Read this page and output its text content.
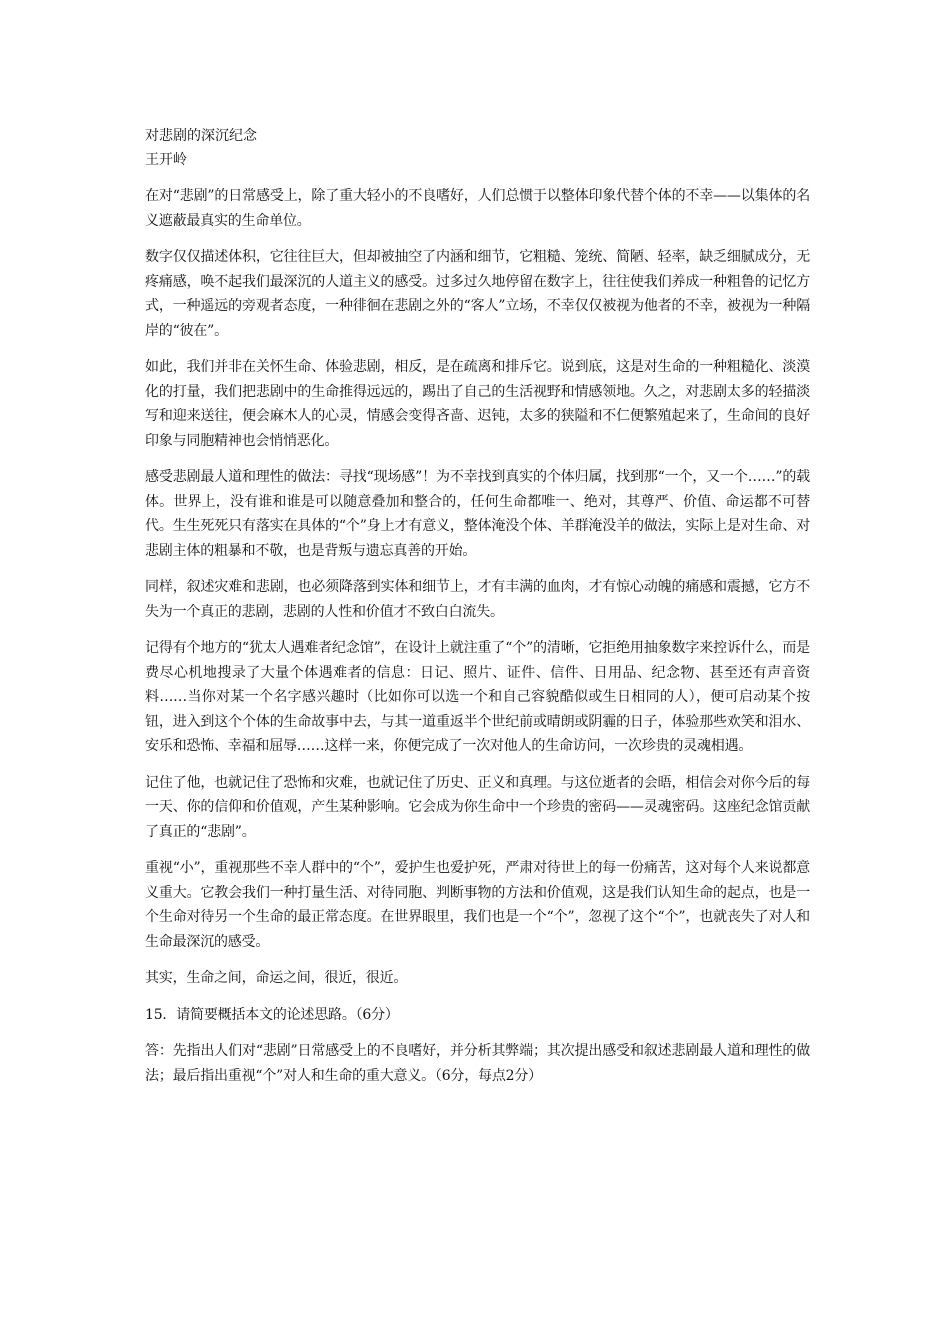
对悲剧的深沉纪念

王开岭

在对“悲剧”的日常感受上，除了重大轻小的不良嗜好，人们总惯于以整体印象代替个体的不幸——以集体的名义遮蔽最真实的生命单位。

数字仅仅描述体积，它往往巨大，但却被抽空了内涵和细节，它粗糙、笼统、简陋、轻率，缺乏细腻成分，无疼痛感，唤不起我们最深沉的人道主义的感受。过多过久地停留在数字上，往往使我们养成一种粗鲁的记忆方式，一种遥远的旁观者态度，一种徘徊在悲剧之外的“客人”立场，不幸仅仅被视为他者的不幸，被视为一种隔岸的“彼在”。

如此，我们并非在关怀生命、体验悲剧，相反，是在疏离和排斥它。说到底，这是对生命的一种粗糙化、淡漠化的打量，我们把悲剧中的生命推得远远的，踢出了自己的生活视野和情感领地。久之，对悲剧太多的轻描淡写和迎来送往，便会麻木人的心灵，情感会变得吝啬、迟钝，太多的狭隘和不仁便繁殖起来了，生命间的良好印象与同胞精神也会悄悄恶化。

感受悲剧最人道和理性的做法：寻找“现场感”！为不幸找到真实的个体归属，找到那“一个，又一个……”的载体。世界上，没有谁和谁是可以随意叠加和整合的，任何生命都唯一、绝对，其尊严、价值、命运都不可替代。生生死死只有落实在具体的“个”身上才有意义，整体淹没个体、羊群淹没羊的做法，实际上是对生命、对悲剧主体的粗暴和不敬，也是背叛与遗忘真善的开始。

同样，叙述灾难和悲剧，也必须降落到实体和细节上，才有丰满的血肉，才有惊心动魄的痛感和震撼，它方不失为一个真正的悲剧，悲剧的人性和价值才不致白白流失。

记得有个地方的“犹太人遇难者纪念馆”，在设计上就注重了“个”的清晰，它拒绝用抽象数字来控诉什么，而是费尽心机地搜录了大量个体遇难者的信息：日记、照片、证件、信件、日用品、纪念物、甚至还有声音资料……当你对某一个名字感兴趣时（比如你可以选一个和自己容貌酷似或生日相同的人），便可启动某个按钮，进入到这个个体的生命故事中去，与其一道重返半个世纪前或晴朗或阴霾的日子，体验那些欢笑和泪水、安乐和恐怖、幸福和屈辱……这样一来，你便完成了一次对他人的生命访问，一次珍贵的灵魂相遇。

记住了他，也就记住了恐怖和灾难，也就记住了历史、正义和真理。与这位逝者的会晤，相信会对你今后的每一天、你的信仰和价值观，产生某种影响。它会成为你生命中一个珍贵的密码——灵魂密码。这座纪念馆贡献了真正的“悲剧”。

重视“小”，重视那些不幸人群中的“个”，爱护生也爱护死，严肃对待世上的每一份痛苦，这对每个人来说都意义重大。它教会我们一种打量生活、对待同胞、判断事物的方法和价值观，这是我们认知生命的起点，也是一个生命对待另一个生命的最正常态度。在世界眼里，我们也是一个“个”，忽视了这个“个”，也就丧失了对人和生命最深沉的感受。

其实，生命之间，命运之间，很近，很近。

15．请简要概括本文的论述思路。（6分）

答：先指出人们对“悲剧”日常感受上的不良嗜好，并分析其弊端；其次提出感受和叙述悲剧最人道和理性的做法；最后指出重视“个”对人和生命的重大意义。（6分，每点2分）
